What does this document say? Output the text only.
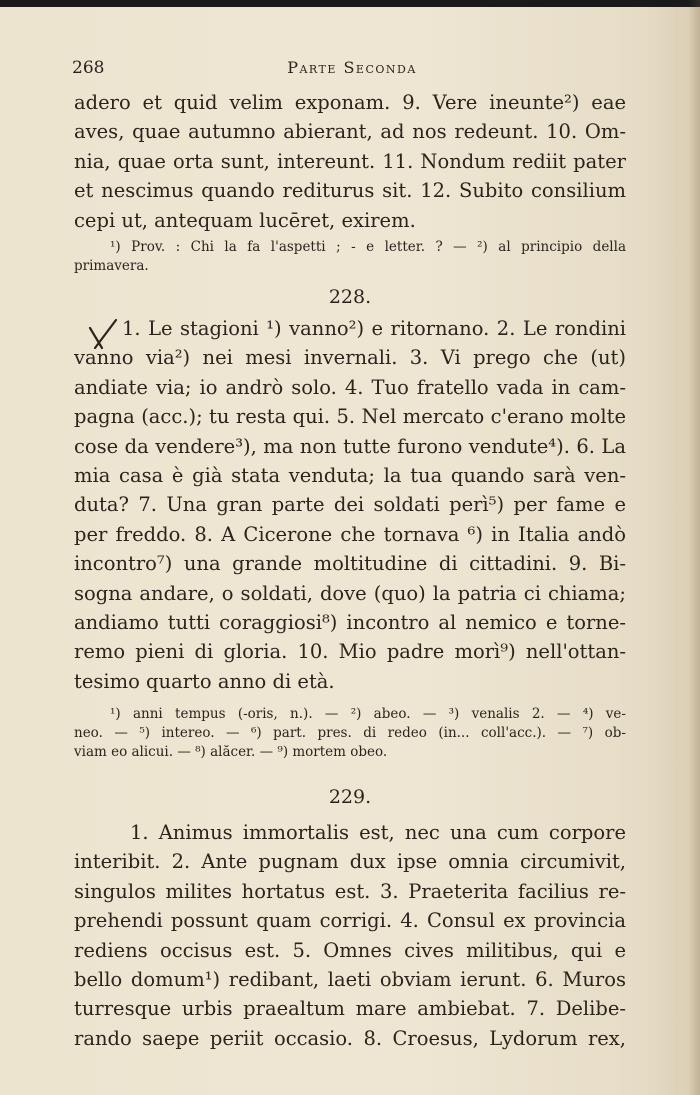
268	Parte Seconda
adero et quid velim exponam. 9. Vere ineunte²) eae
aves, quae autumno abierant, ad nos redeunt. 10. Om-
nia, quae orta sunt, intereunt. 11. Nondum rediit pater
et nescimus quando rediturus sit. 12. Subito consilium
cepi ut, antequam lucēret, exirem.
¹) Prov. : Chi la fa l'aspetti ; - e letter. ? — ²) al principio della
primavera.
228.
1. Le stagioni ¹) vanno²) e ritornano. 2. Le rondini
vanno via²) nei mesi invernali. 3. Vi prego che (ut)
andiate via; io andrò solo. 4. Tuo fratello vada in cam-
pagna (acc.); tu resta qui. 5. Nel mercato c'erano molte
cose da vendere³), ma non tutte furono vendute⁴). 6. La
mia casa è già stata venduta; la tua quando sarà ven-
duta? 7. Una gran parte dei soldati perì⁵) per fame e
per freddo. 8. A Cicerone che tornava ⁶) in Italia andò
incontro⁷) una grande moltitudine di cittadini. 9. Bi-
sogna andare, o soldati, dove (quo) la patria ci chiama;
andiamo tutti coraggiosi⁸) incontro al nemico e torne-
remo pieni di gloria. 10. Mio padre morì⁹) nell'ottan-
tesimo quarto anno di età.
¹) anni tempus (-oris, n.). — ²) abeo. — ³) venalis 2. — ⁴) ve-
neo. — ⁵) intereo. — ⁶) part. pres. di redeo (in... coll'acc.). — ⁷) ob-
viam eo alicui. — ⁸) alăcer. — ⁹) mortem obeo.
229.
1. Animus immortalis est, nec una cum corpore
interibit. 2. Ante pugnam dux ipse omnia circumivit,
singulos milites hortatus est. 3. Praeterita facilius re-
prehendi possunt quam corrigi. 4. Consul ex provincia
rediens occisus est. 5. Omnes cives militibus, qui e
bello domum¹) redibant, laeti obviam ierunt. 6. Muros
turresque urbis praealtum mare ambiebat. 7. Delibe-
rando saepe periit occasio. 8. Croesus, Lydorum rex,
